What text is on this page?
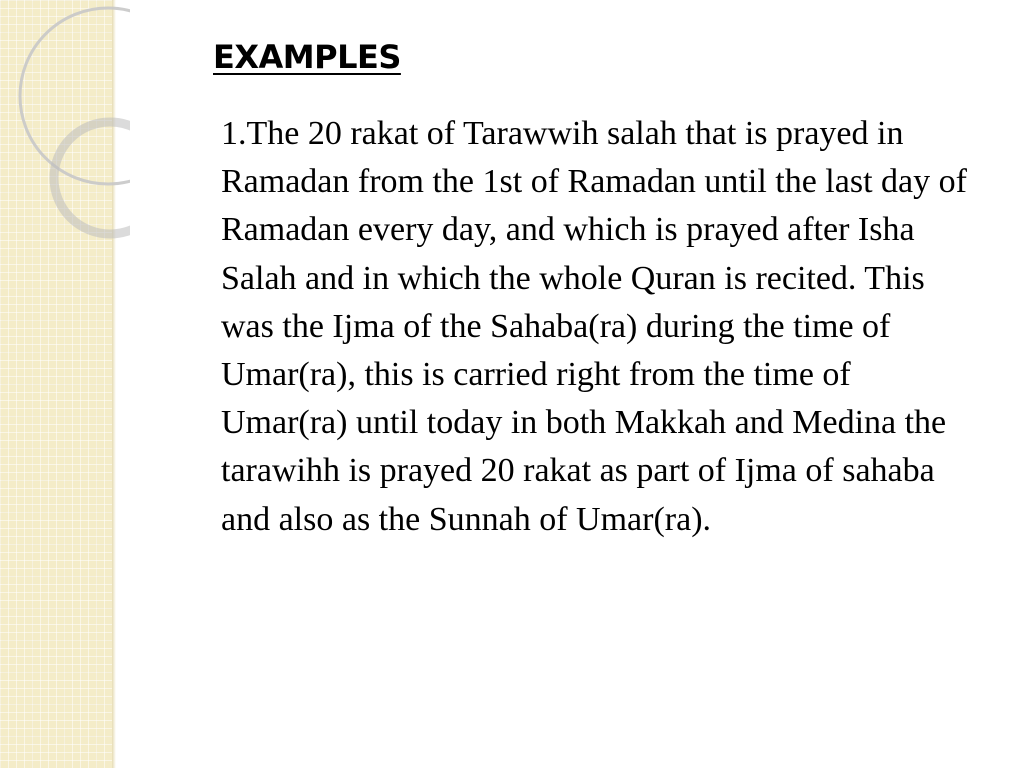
EXAMPLES

1.The 20 rakat of Tarawwih salah that is prayed in Ramadan from the 1st of Ramadan until the last day of Ramadan every day, and which is prayed after Isha Salah and in which the whole Quran is recited. This was the Ijma of the Sahaba(ra) during the time of Umar(ra), this is carried right from the time of Umar(ra) until today in both Makkah and Medina the tarawihh is prayed 20 rakat as part of Ijma of sahaba and also as the Sunnah of Umar(ra).
